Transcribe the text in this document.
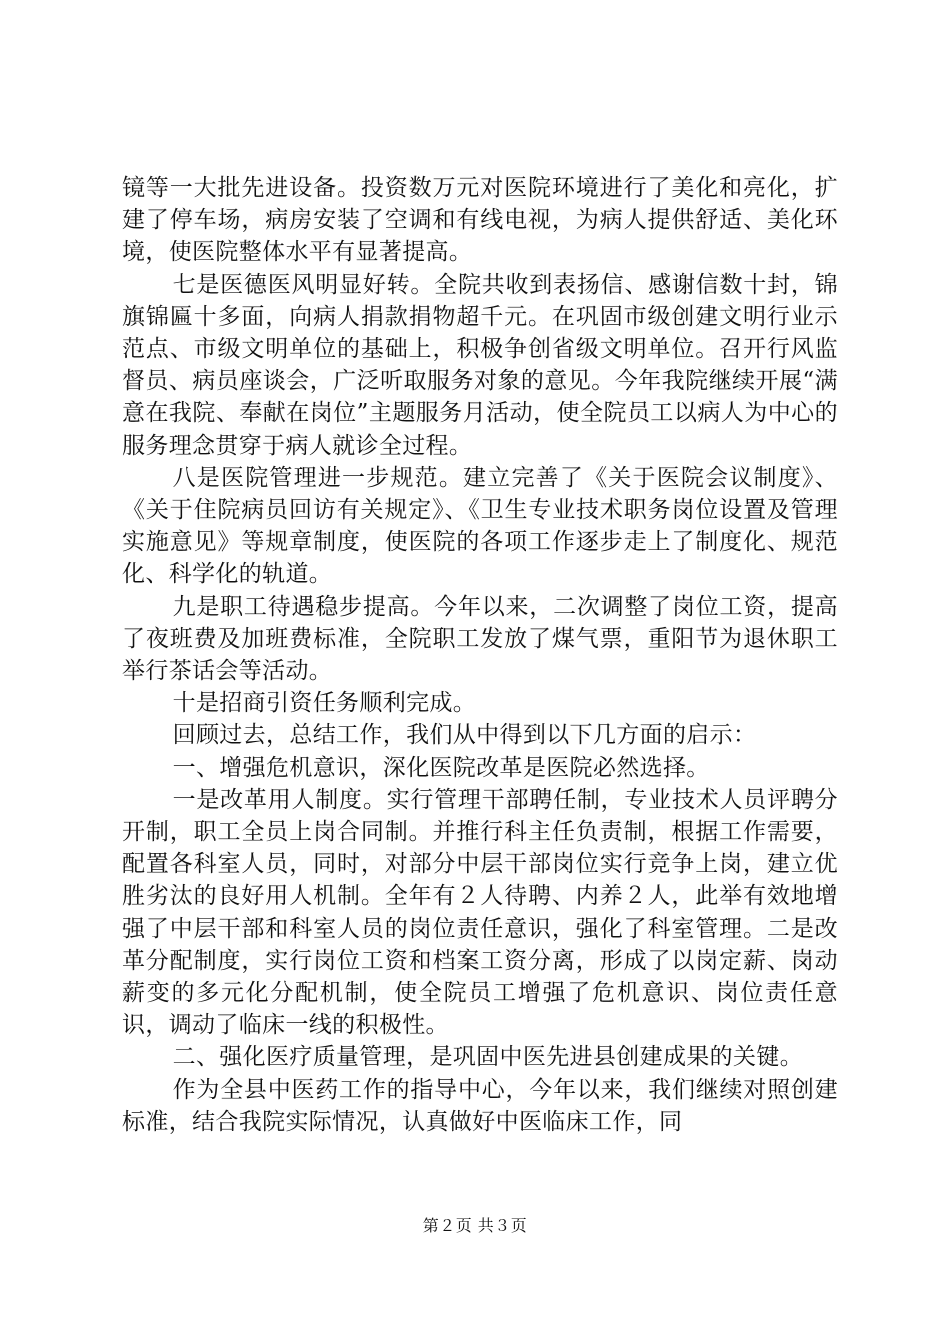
镜等一大批先进设备。投资数万元对医院环境进行了美化和亮化，扩建了停车场，病房安装了空调和有线电视，为病人提供舒适、美化环境，使医院整体水平有显著提高。

七是医德医风明显好转。全院共收到表扬信、感谢信数十封，锦旗锦匾十多面，向病人捐款捐物超千元。在巩固市级创建文明行业示范点、市级文明单位的基础上，积极争创省级文明单位。召开行风监督员、病员座谈会，广泛听取服务对象的意见。今年我院继续开展“满意在我院、奉献在岗位”主题服务月活动，使全院员工以病人为中心的服务理念贯穿于病人就诊全过程。

八是医院管理进一步规范。建立完善了《关于医院会议制度》、《关于住院病员回访有关规定》、《卫生专业技术职务岗位设置及管理实施意见》等规章制度，使医院的各项工作逐步走上了制度化、规范化、科学化的轨道。

九是职工待遇稳步提高。今年以来，二次调整了岗位工资，提高了夜班费及加班费标准，全院职工发放了煤气票，重阳节为退休职工举行茶话会等活动。

十是招商引资任务顺利完成。

回顾过去，总结工作，我们从中得到以下几方面的启示：

一、增强危机意识，深化医院改革是医院必然选择。

一是改革用人制度。实行管理干部聘任制，专业技术人员评聘分开制，职工全员上岗合同制。并推行科主任负责制，根据工作需要，配置各科室人员，同时，对部分中层干部岗位实行竞争上岗，建立优胜劣汰的良好用人机制。全年有２人待聘、内养２人，此举有效地增强了中层干部和科室人员的岗位责任意识，强化了科室管理。二是改革分配制度，实行岗位工资和档案工资分离，形成了以岗定薪、岗动薪变的多元化分配机制，使全院员工增强了危机意识、岗位责任意识，调动了临床一线的积极性。

二、强化医疗质量管理，是巩固中医先进县创建成果的关键。

作为全县中医药工作的指导中心，今年以来，我们继续对照创建标准，结合我院实际情况，认真做好中医临床工作，同

第２页 共３页
